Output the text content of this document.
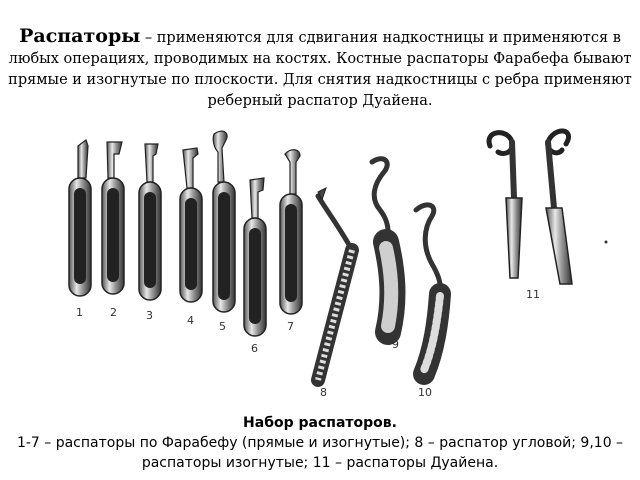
Распаторы – применяются для сдвигания надкостницы и применяются в любых операциях, проводимых на костях. Костные распаторы Фарабефа бывают прямые и изогнутые по плоскости. Для снятия надкостницы с ребра применяют реберный распатор Дуайена.
1 2	3	4 5
6
7
8
9
10
11
Набор распаторов.
1-7 – распаторы по Фарабефу (прямые и изогнутые); 8 – распатор угловой; 9,10 – распаторы изогнутые; 11 – распаторы Дуайена.
